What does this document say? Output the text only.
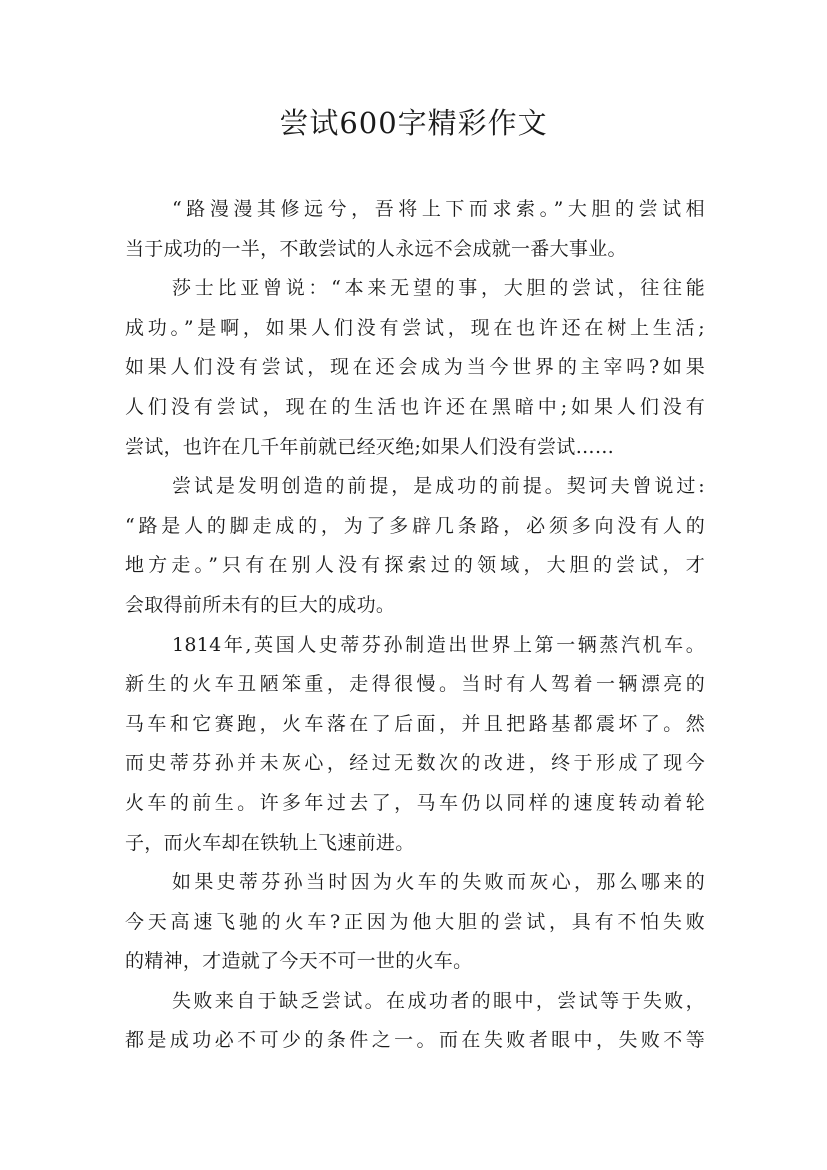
尝试600字精彩作文
“路漫漫其修远兮，吾将上下而求索。”大胆的尝试相
当于成功的一半，不敢尝试的人永远不会成就一番大事业。
莎士比亚曾说：“本来无望的事，大胆的尝试，往往能
成功。”是啊，如果人们没有尝试，现在也许还在树上生活;
如果人们没有尝试，现在还会成为当今世界的主宰吗?如果
人们没有尝试，现在的生活也许还在黑暗中;如果人们没有
尝试，也许在几千年前就已经灭绝;如果人们没有尝试……
尝试是发明创造的前提，是成功的前提。契诃夫曾说过:
“路是人的脚走成的，为了多辟几条路，必须多向没有人的
地方走。”只有在别人没有探索过的领域，大胆的尝试，才
会取得前所未有的巨大的成功。
1814年,英国人史蒂芬孙制造出世界上第一辆蒸汽机车。
新生的火车丑陋笨重，走得很慢。当时有人驾着一辆漂亮的
马车和它赛跑，火车落在了后面，并且把路基都震坏了。然
而史蒂芬孙并未灰心，经过无数次的改进，终于形成了现今
火车的前生。许多年过去了，马车仍以同样的速度转动着轮
子，而火车却在铁轨上飞速前进。
如果史蒂芬孙当时因为火车的失败而灰心，那么哪来的
今天高速飞驰的火车?正因为他大胆的尝试，具有不怕失败
的精神，才造就了今天不可一世的火车。
失败来自于缺乏尝试。在成功者的眼中，尝试等于失败，
都是成功必不可少的条件之一。而在失败者眼中，失败不等
